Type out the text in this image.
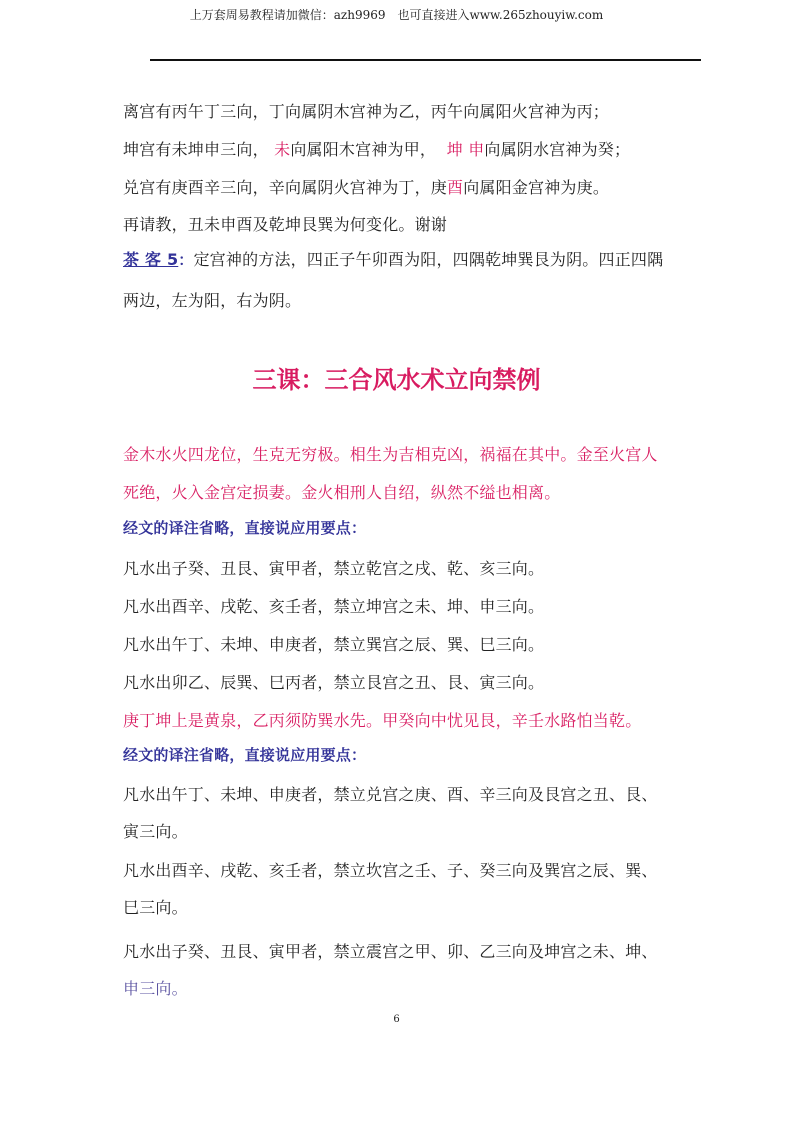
上万套周易教程请加微信：azh9969　也可直接进入www.265zhouyiw.com
离宫有丙午丁三向，丁向属阴木宫神为乙，丙午向属阳火宫神为丙；
坤宫有未坤申三向， 未向属阳木宫神为甲， 坤 申向属阴水宫神为癸；
兑宫有庚酉辛三向，辛向属阴火宫神为丁，庚酉向属阳金宫神为庚。
再请教，丑未申酉及乾坤艮巽为何变化。谢谢
茶 客 5：定宫神的方法，四正子午卯酉为阳，四隅乾坤巽艮为阴。四正四隅
两边，左为阳，右为阴。
三课：三合风水术立向禁例
金木水火四龙位，生克无穷极。相生为吉相克凶，祸福在其中。金至火宫人
死绝，火入金宫定损妻。金火相刑人自绍，纵然不缢也相离。
经文的译注省略，直接说应用要点：
凡水出子癸、丑艮、寅甲者，禁立乾宫之戌、乾、亥三向。
凡水出酉辛、戌乾、亥壬者，禁立坤宫之未、坤、申三向。
凡水出午丁、未坤、申庚者，禁立巽宫之辰、巽、巳三向。
凡水出卯乙、辰巽、巳丙者，禁立艮宫之丑、艮、寅三向。
庚丁坤上是黄泉，乙丙须防巽水先。甲癸向中忧见艮，辛壬水路怕当乾。
经文的译注省略，直接说应用要点：
凡水出午丁、未坤、申庚者，禁立兑宫之庚、酉、辛三向及艮宫之丑、艮、
寅三向。
凡水出酉辛、戌乾、亥壬者，禁立坎宫之壬、子、癸三向及巽宫之辰、巽、
巳三向。
凡水出子癸、丑艮、寅甲者，禁立震宫之甲、卯、乙三向及坤宫之未、坤、
申三向。
6
